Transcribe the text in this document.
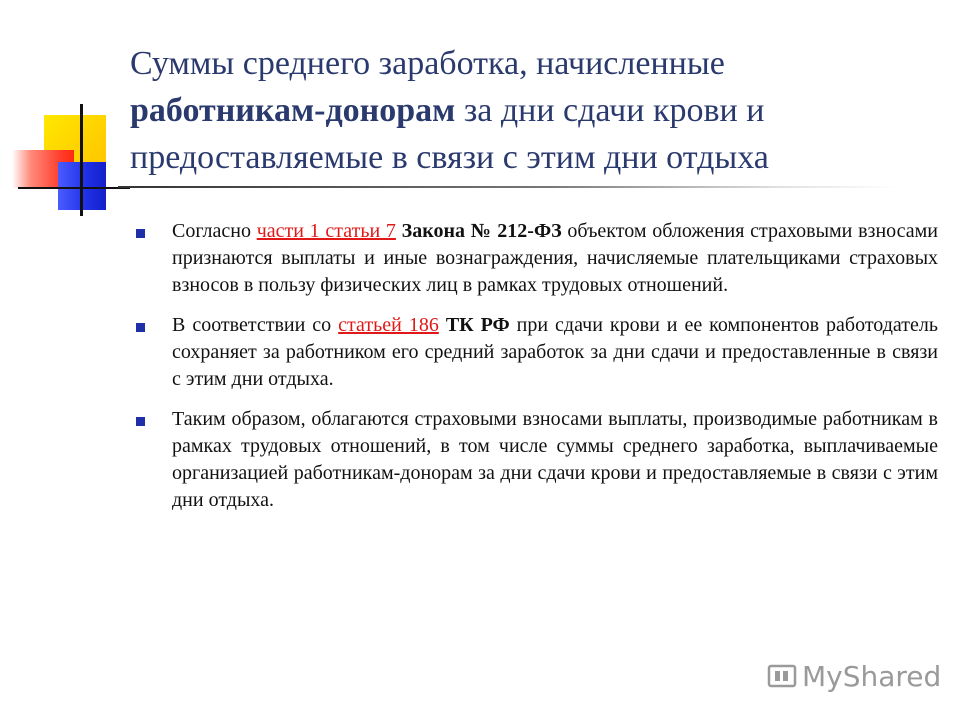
Суммы среднего заработка, начисленные работникам-донорам за дни сдачи крови и предоставляемые в связи с этим дни отдыха
Согласно части 1 статьи 7 Закона № 212-ФЗ объектом обложения страховыми взносами признаются выплаты и иные вознаграждения, начисляемые плательщиками страховых взносов в пользу физических лиц в рамках трудовых отношений.
В соответствии со статьей 186 ТК РФ при сдачи крови и ее компонентов работодатель сохраняет за работником его средний заработок за дни сдачи и предоставленные в связи с этим дни отдыха.
Таким образом, облагаются страховыми взносами выплаты, производимые работникам в рамках трудовых отношений, в том числе суммы среднего заработка, выплачиваемые организацией работникам-донорам за дни сдачи крови и предоставляемые в связи с этим дни отдыха.
MyShared
